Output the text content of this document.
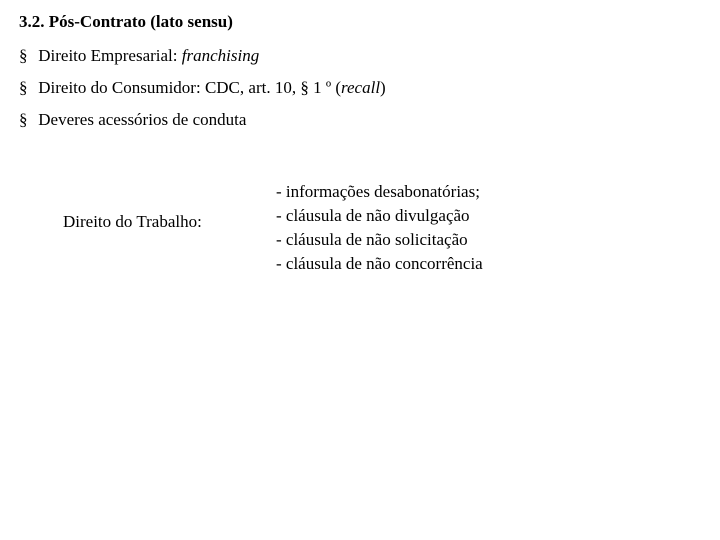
3.2. Pós-Contrato (lato sensu)
§ Direito Empresarial: franchising
§ Direito do Consumidor: CDC, art. 10, § 1 º (recall)
§ Deveres acessórios de conduta
Direito do Trabalho:
- informações desabonatórias;
- cláusula de não divulgação
- cláusula de não solicitação
- cláusula de não concorrência
